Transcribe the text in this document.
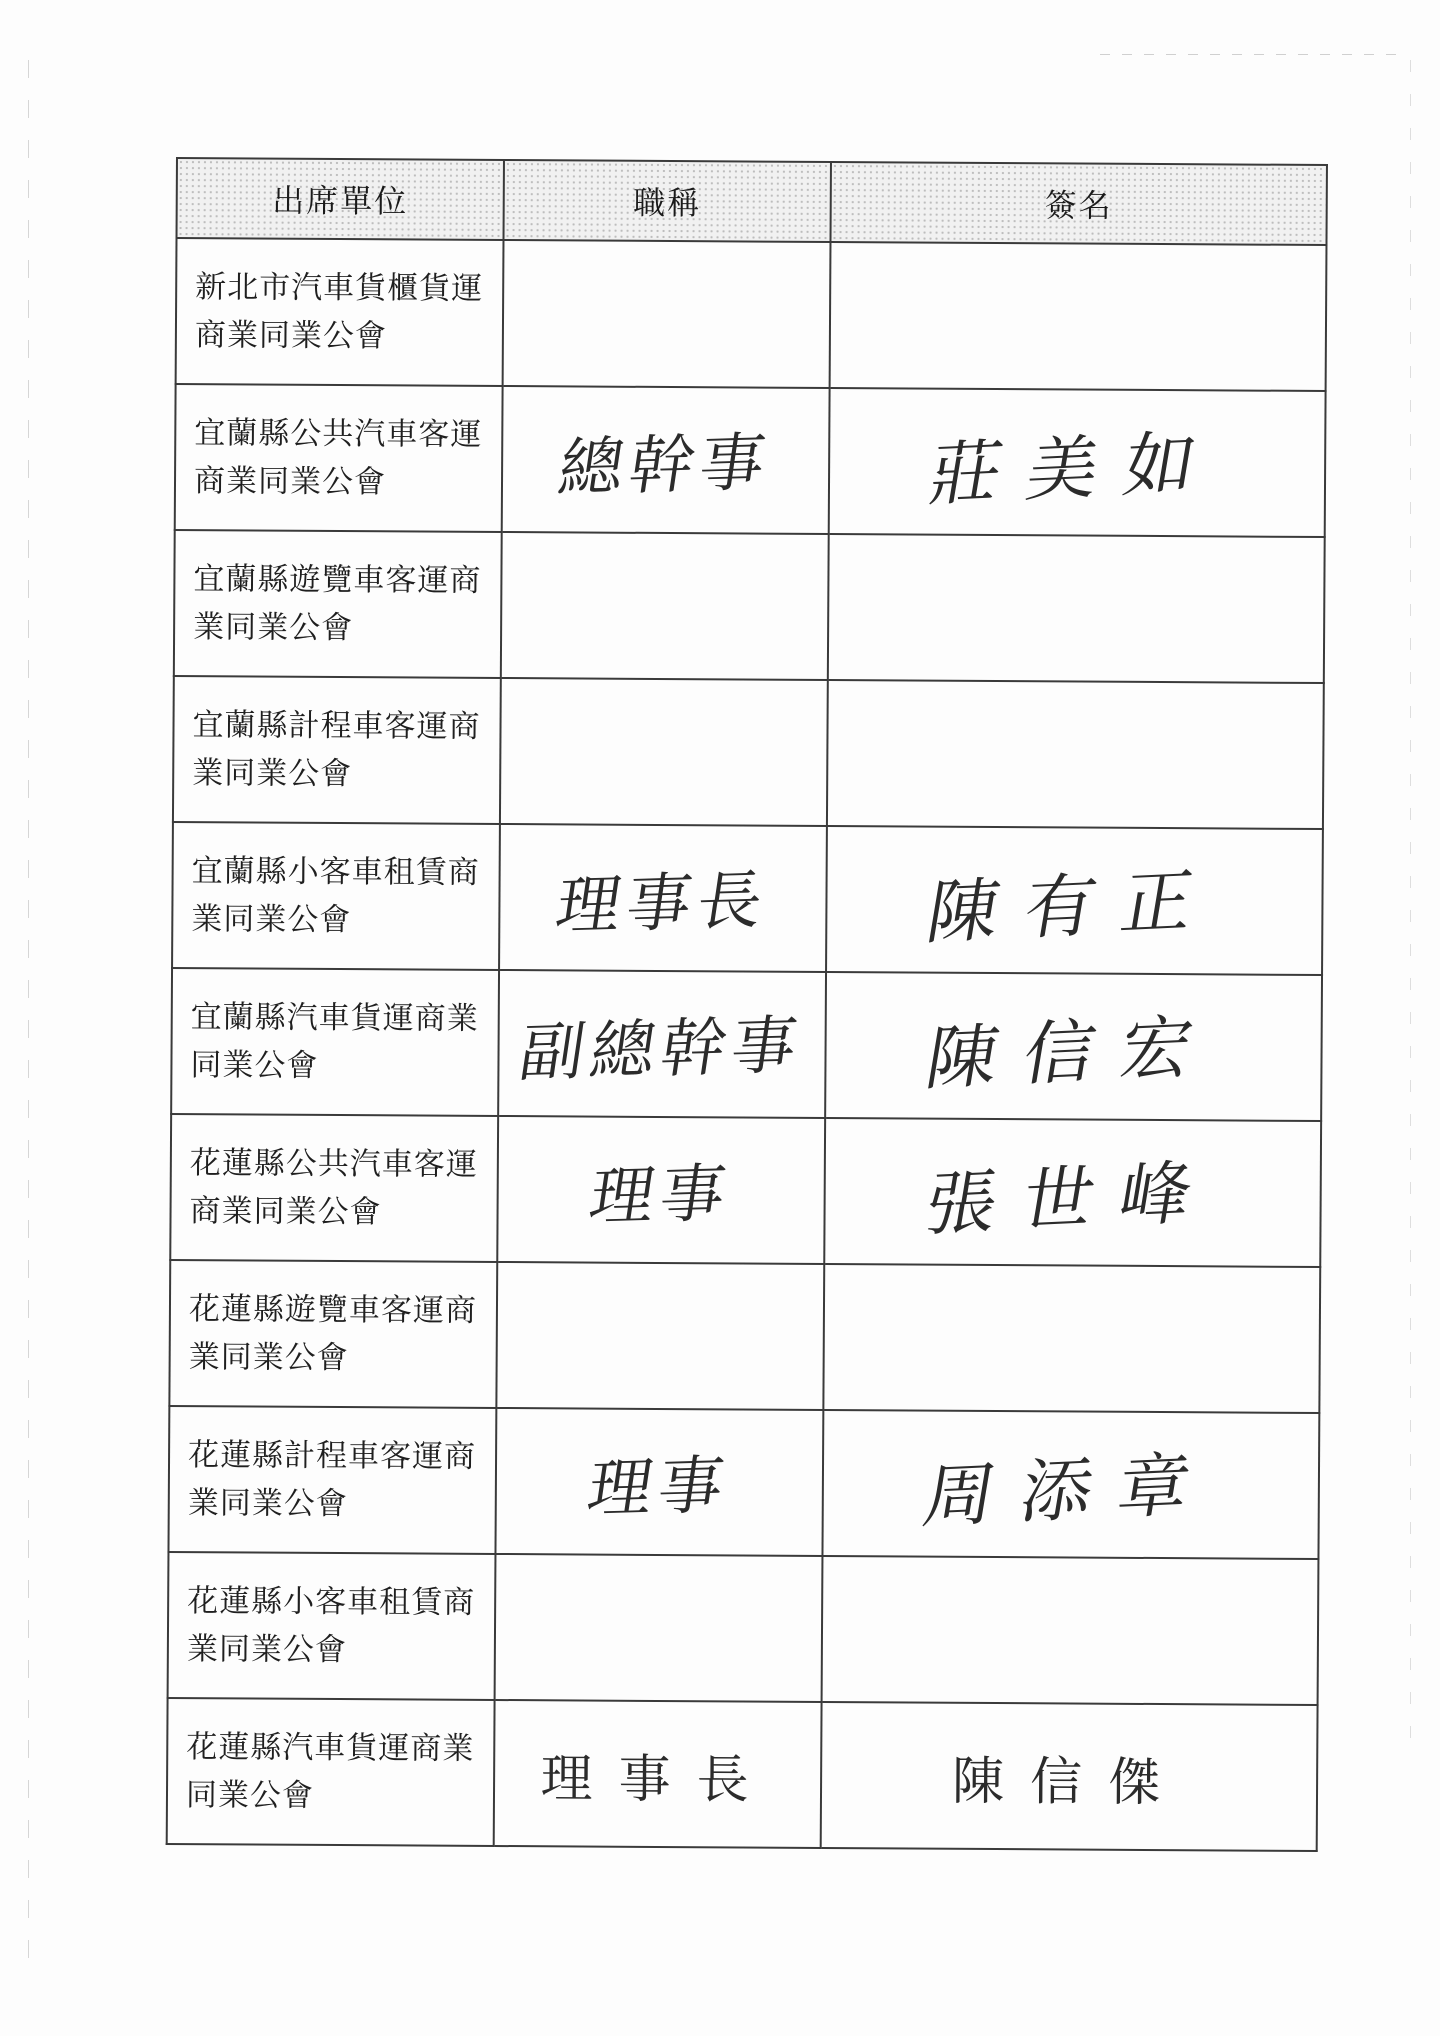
出席單位	職稱	簽名

新北市汽車貨櫃貨運商業同業公會		

宜蘭縣公共汽車客運商業同業公會	總幹事	莊美如

宜蘭縣遊覽車客運商業同業公會		

宜蘭縣計程車客運商業同業公會		

宜蘭縣小客車租賃商業同業公會	理事長	陳有正

宜蘭縣汽車貨運商業同業公會	副總幹事	陳信宏

花蓮縣公共汽車客運商業同業公會	理事	張世峰

花蓮縣遊覽車客運商業同業公會		

花蓮縣計程車客運商業同業公會	理事	周添章

花蓮縣小客車租賃商業同業公會		

花蓮縣汽車貨運商業同業公會	理事長	陳信傑
